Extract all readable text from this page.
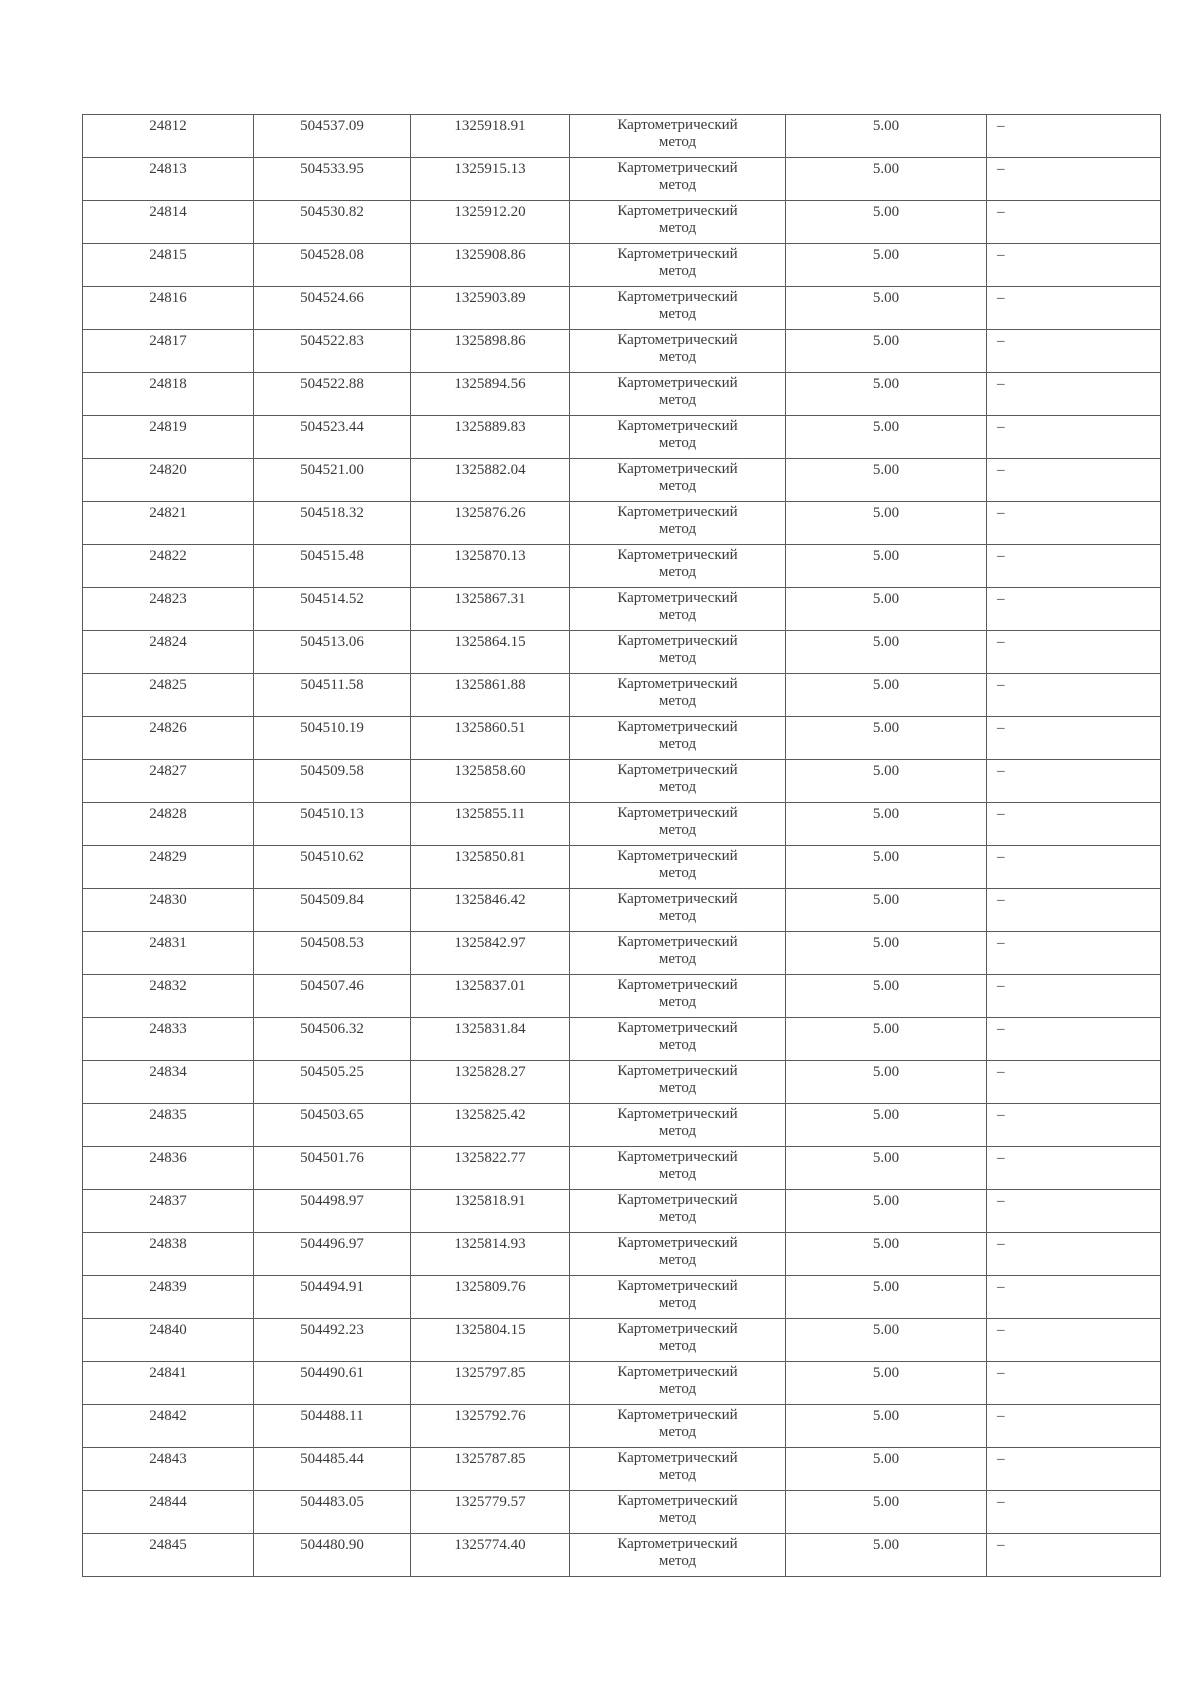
24812	504537.09	1325918.91	Картометрический
метод	5.00	–
24813	504533.95	1325915.13	Картометрический
метод	5.00	–
24814	504530.82	1325912.20	Картометрический
метод	5.00	–
24815	504528.08	1325908.86	Картометрический
метод	5.00	–
24816	504524.66	1325903.89	Картометрический
метод	5.00	–
24817	504522.83	1325898.86	Картометрический
метод	5.00	–
24818	504522.88	1325894.56	Картометрический
метод	5.00	–
24819	504523.44	1325889.83	Картометрический
метод	5.00	–
24820	504521.00	1325882.04	Картометрический
метод	5.00	–
24821	504518.32	1325876.26	Картометрический
метод	5.00	–
24822	504515.48	1325870.13	Картометрический
метод	5.00	–
24823	504514.52	1325867.31	Картометрический
метод	5.00	–
24824	504513.06	1325864.15	Картометрический
метод	5.00	–
24825	504511.58	1325861.88	Картометрический
метод	5.00	–
24826	504510.19	1325860.51	Картометрический
метод	5.00	–
24827	504509.58	1325858.60	Картометрический
метод	5.00	–
24828	504510.13	1325855.11	Картометрический
метод	5.00	–
24829	504510.62	1325850.81	Картометрический
метод	5.00	–
24830	504509.84	1325846.42	Картометрический
метод	5.00	–
24831	504508.53	1325842.97	Картометрический
метод	5.00	–
24832	504507.46	1325837.01	Картометрический
метод	5.00	–
24833	504506.32	1325831.84	Картометрический
метод	5.00	–
24834	504505.25	1325828.27	Картометрический
метод	5.00	–
24835	504503.65	1325825.42	Картометрический
метод	5.00	–
24836	504501.76	1325822.77	Картометрический
метод	5.00	–
24837	504498.97	1325818.91	Картометрический
метод	5.00	–
24838	504496.97	1325814.93	Картометрический
метод	5.00	–
24839	504494.91	1325809.76	Картометрический
метод	5.00	–
24840	504492.23	1325804.15	Картометрический
метод	5.00	–
24841	504490.61	1325797.85	Картометрический
метод	5.00	–
24842	504488.11	1325792.76	Картометрический
метод	5.00	–
24843	504485.44	1325787.85	Картометрический
метод	5.00	–
24844	504483.05	1325779.57	Картометрический
метод	5.00	–
24845	504480.90	1325774.40	Картометрический
метод	5.00	–
